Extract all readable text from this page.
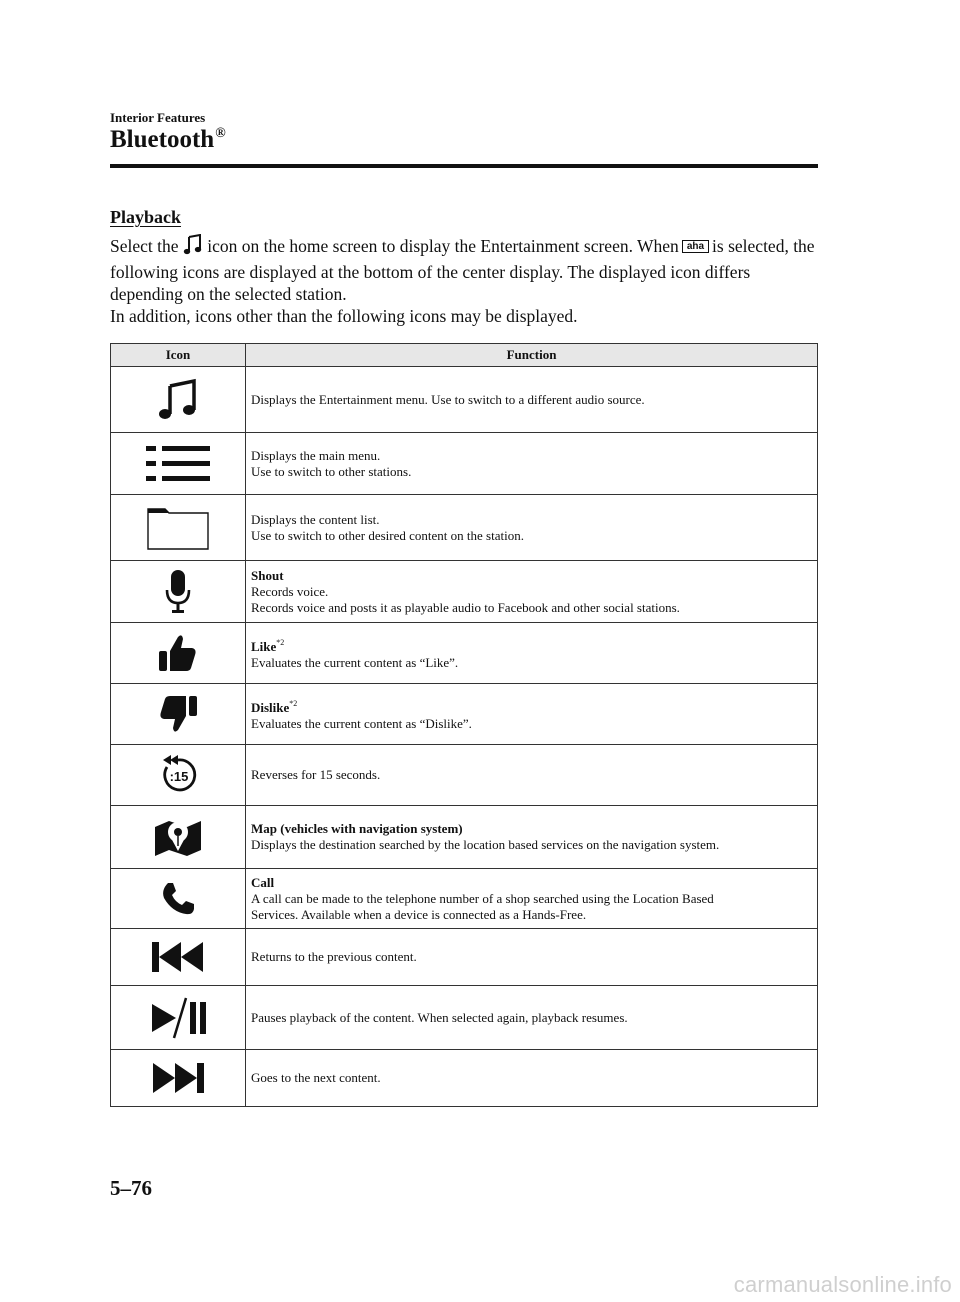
Interior Features
Bluetooth®
Playback

Select the icon on the home screen to display the Entertainment screen. When aha is selected, the following icons are displayed at the bottom of the center display. The displayed icon differs depending on the selected station.
In addition, icons other than the following icons may be displayed.

Icon	Function

Displays the Entertainment menu. Use to switch to a different audio source.

Displays the main menu.
Use to switch to other stations.

Displays the content list.
Use to switch to other desired content on the station.

Shout
Records voice.
Records voice and posts it as playable audio to Facebook and other social stations.

Like$^{*2}$
Evaluates the current content as “Like”.

Dislike$^{*2}$
Evaluates the current content as “Dislike”.

:15	Reverses for 15 seconds.

Map (vehicles with navigation system)
Displays the destination searched by the location based services on the navigation system.

Call
A call can be made to the telephone number of a shop searched using the Location Based
Services. Available when a device is connected as a Hands-Free.

Returns to the previous content.

Pauses playback of the content. When selected again, playback resumes.

Goes to the next content.
5–76
carmanualsonline.info
